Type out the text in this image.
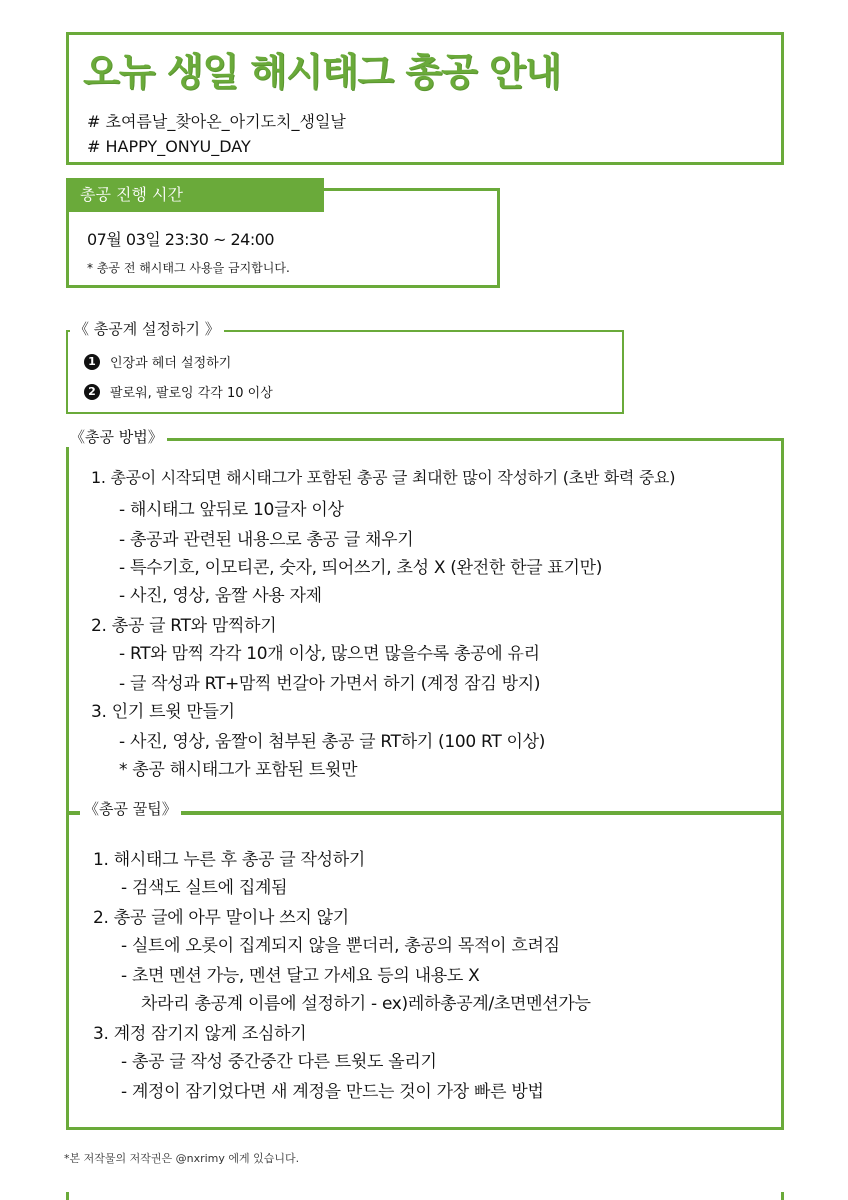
오뉴 생일 해시태그 총공 안내
# 초여름날_찾아온_아기도치_생일날
# HAPPY_ONYU_DAY
07월 03일 23:30 ~ 24:00
* 총공 전 해시태그 사용을 금지합니다.
총공 진행 시간
1	인장과 헤더 설정하기
2	팔로워, 팔로잉 각각 10 이상
《 총공계 설정하기 》
1. 총공이 시작되면 해시태그가 포함된 총공 글 최대한 많이 작성하기 (초반 화력 중요)
- 해시태그 앞뒤로 10글자 이상
- 총공과 관련된 내용으로 총공 글 채우기
- 특수기호, 이모티콘, 숫자, 띄어쓰기, 초성 X (완전한 한글 표기만)
- 사진, 영상, 움짤 사용 자제
2. 총공 글 RT와 맘찍하기
- RT와 맘찍 각각 10개 이상, 많으면 많을수록 총공에 유리
- 글 작성과 RT+맘찍 번갈아 가면서 하기 (계정 잠김 방지)
3. 인기 트윗 만들기
- 사진, 영상, 움짤이 첨부된 총공 글 RT하기 (100 RT 이상)
* 총공 해시태그가 포함된 트윗만
《총공 방법》
1. 해시태그 누른 후 총공 글 작성하기
- 검색도 실트에 집계됨
2. 총공 글에 아무 말이나 쓰지 않기
- 실트에 오롯이 집계되지 않을 뿐더러, 총공의 목적이 흐려짐
- 초면 멘션 가능, 멘션 달고 가세요 등의 내용도 X
차라리 총공계 이름에 설정하기 - ex)레하총공계/초면멘션가능
3. 계정 잠기지 않게 조심하기
- 총공 글 작성 중간중간 다른 트윗도 올리기
- 계정이 잠기었다면 새 계정을 만드는 것이 가장 빠른 방법
《총공 꿀팁》
*본 저작물의 저작권은 @nxrimy 에게 있습니다.
